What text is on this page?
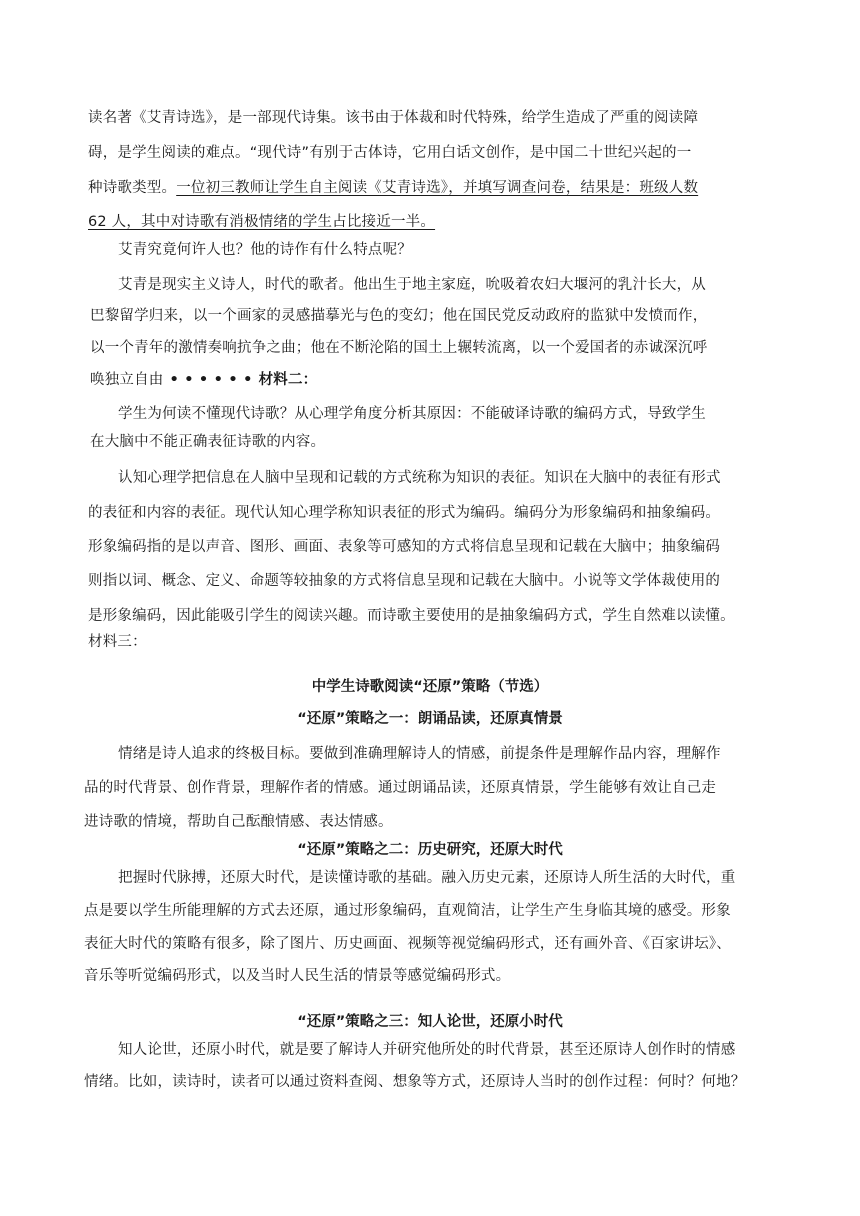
读名著《艾青诗选》，是一部现代诗集。该书由于体裁和时代特殊，给学生造成了严重的阅读障
碍，是学生阅读的难点。“现代诗”有别于古体诗，它用白话文创作，是中国二十世纪兴起的一
种诗歌类型。一位初三教师让学生自主阅读《艾青诗选》，并填写调查问卷，结果是：班级人数
62 人，其中对诗歌有消极情绪的学生占比接近一半。
艾青究竟何许人也？他的诗作有什么特点呢？
艾青是现实主义诗人，时代的歌者。他出生于地主家庭，吮吸着农妇大堰河的乳汁长大，从
巴黎留学归来，以一个画家的灵感描摹光与色的变幻；他在国民党反动政府的监狱中发愤而作，
以一个青年的激情奏响抗争之曲；他在不断沦陷的国土上辗转流离，以一个爱国者的赤诚深沉呼
唤独立自由 • • • • • • 材料二：
学生为何读不懂现代诗歌？从心理学角度分析其原因：不能破译诗歌的编码方式，导致学生
在大脑中不能正确表征诗歌的内容。
认知心理学把信息在人脑中呈现和记载的方式统称为知识的表征。知识在大脑中的表征有形式
的表征和内容的表征。现代认知心理学称知识表征的形式为编码。编码分为形象编码和抽象编码。
形象编码指的是以声音、图形、画面、表象等可感知的方式将信息呈现和记载在大脑中；抽象编码
则指以词、概念、定义、命题等较抽象的方式将信息呈现和记载在大脑中。小说等文学体裁使用的
是形象编码，因此能吸引学生的阅读兴趣。而诗歌主要使用的是抽象编码方式，学生自然难以读懂。
材料三：
中学生诗歌阅读“还原”策略（节选）
“还原”策略之一：朗诵品读，还原真情景
情绪是诗人追求的终极目标。要做到准确理解诗人的情感，前提条件是理解作品内容，理解作
品的时代背景、创作背景，理解作者的情感。通过朗诵品读，还原真情景，学生能够有效让自己走
进诗歌的情境，帮助自己酝酿情感、表达情感。
“还原”策略之二：历史研究，还原大时代
把握时代脉搏，还原大时代，是读懂诗歌的基础。融入历史元素，还原诗人所生活的大时代，重
点是要以学生所能理解的方式去还原，通过形象编码，直观简洁，让学生产生身临其境的感受。形象
表征大时代的策略有很多，除了图片、历史画面、视频等视觉编码形式，还有画外音、《百家讲坛》、
音乐等听觉编码形式，以及当时人民生活的情景等感觉编码形式。
“还原”策略之三：知人论世，还原小时代
知人论世，还原小时代，就是要了解诗人并研究他所处的时代背景，甚至还原诗人创作时的情感
情绪。比如，读诗时，读者可以通过资料查阅、想象等方式，还原诗人当时的创作过程：何时？何地？
